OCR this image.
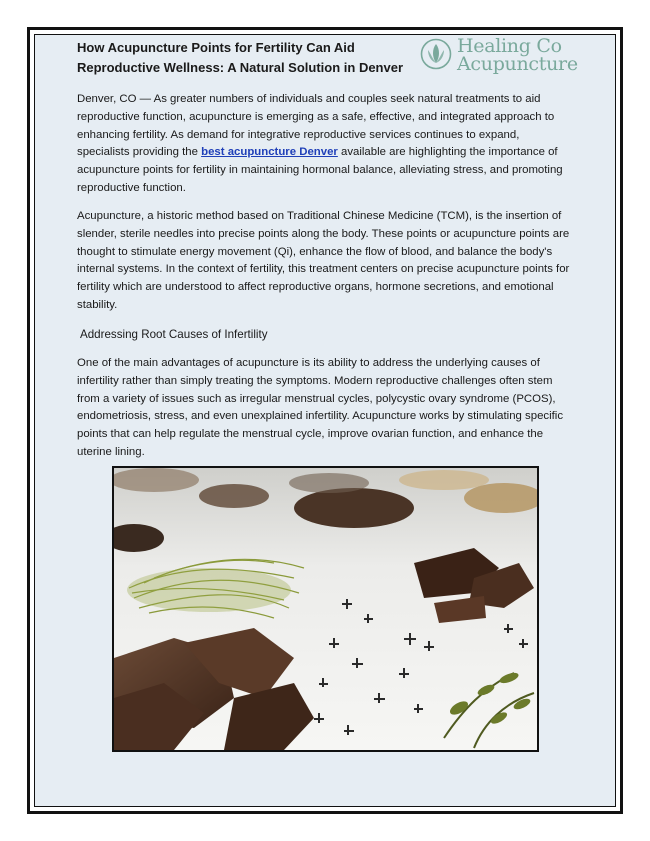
How Acupuncture Points for Fertility Can Aid Reproductive Wellness: A Natural Solution in Denver
Healing Co
Acupuncture
Denver, CO — As greater numbers of individuals and couples seek natural treatments to aid reproductive function, acupuncture is emerging as a safe, effective, and integrated approach to enhancing fertility. As demand for integrative reproductive services continues to expand, specialists providing the best acupuncture Denver available are highlighting the importance of acupuncture points for fertility in maintaining hormonal balance, alleviating stress, and promoting reproductive function.
Acupuncture, a historic method based on Traditional Chinese Medicine (TCM), is the insertion of slender, sterile needles into precise points along the body. These points or acupuncture points are thought to stimulate energy movement (Qi), enhance the flow of blood, and balance the body's internal systems. In the context of fertility, this treatment centers on precise acupuncture points for fertility which are understood to affect reproductive organs, hormone secretions, and emotional stability.
Addressing Root Causes of Infertility
One of the main advantages of acupuncture is its ability to address the underlying causes of infertility rather than simply treating the symptoms. Modern reproductive challenges often stem from a variety of issues such as irregular menstrual cycles, polycystic ovary syndrome (PCOS), endometriosis, stress, and even unexplained infertility. Acupuncture works by stimulating specific points that can help regulate the menstrual cycle, improve ovarian function, and enhance the uterine lining.
